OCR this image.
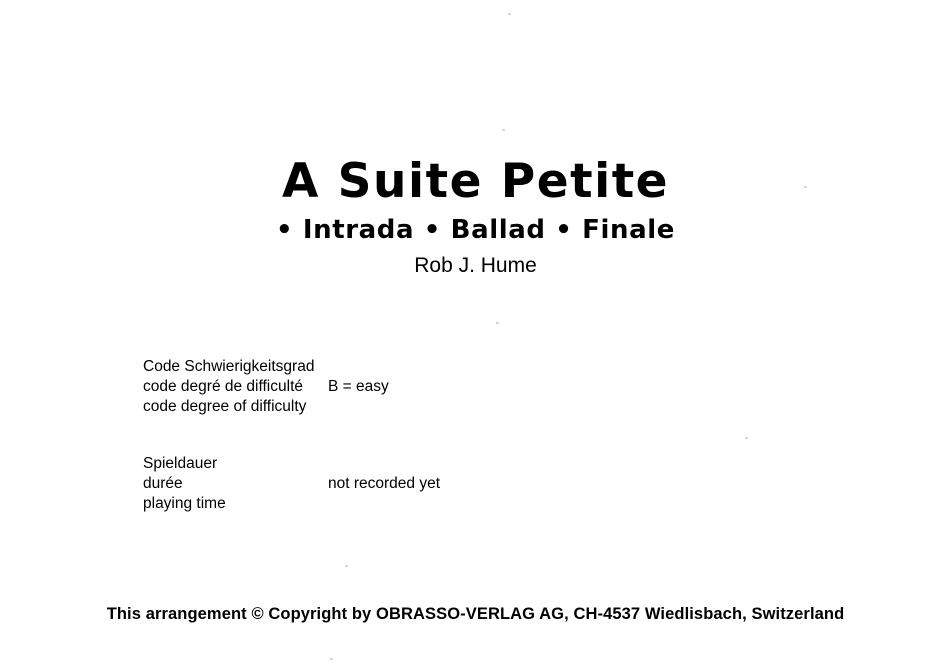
A Suite Petite
• Intrada • Ballad • Finale
Rob J. Hume
Code Schwierigkeitsgrad
code degré de difficulté
code degree of difficulty
B = easy
Spieldauer
durée
playing time
not recorded yet
This arrangement © Copyright by OBRASSO-VERLAG AG, CH-4537 Wiedlisbach, Switzerland
